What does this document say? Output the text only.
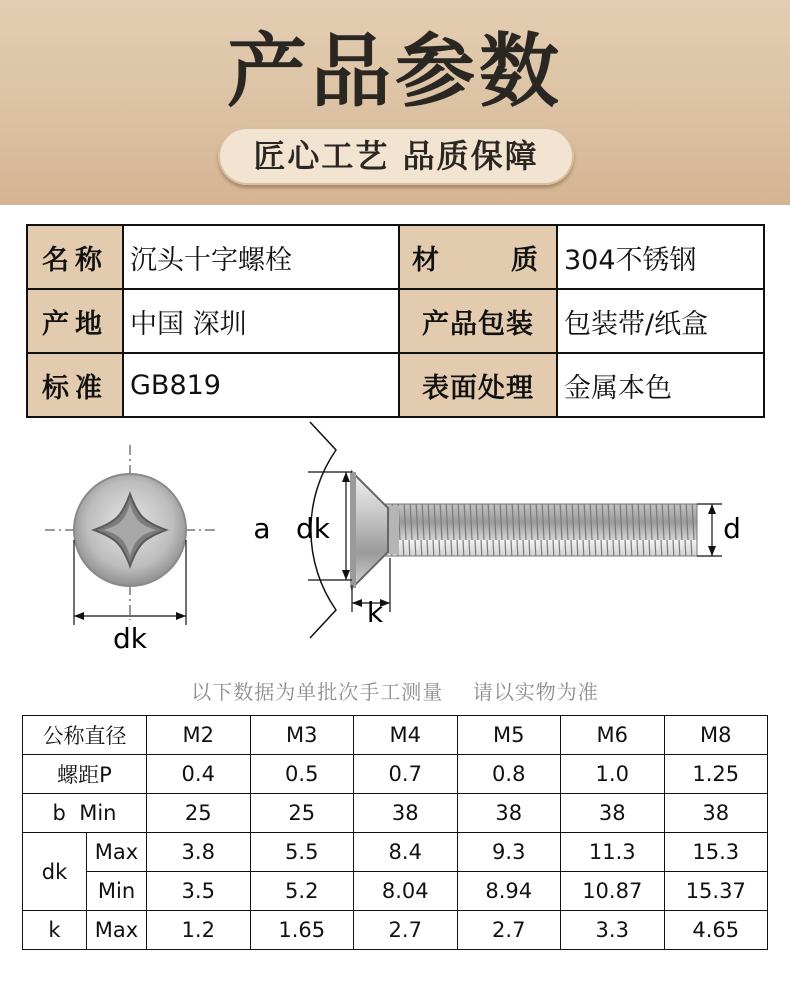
产品参数
匠心工艺 品质保障
名称	沉头十字螺栓	材　　质	304不锈钢
产地	中国 深圳	产品包装	包装带/纸盒
标准	GB819	表面处理	金属本色
dk
a dk
k
d
以下数据为单批次手工测量    请以实物为准
公称直径		M2	M3	M4	M5	M6	M8
螺距P		0.4	0.5	0.7	0.8	1.0	1.25
b  Min		25	25	38	38	38	38
dk	Max	3.8	5.5	8.4	9.3	11.3	15.3
	Min	3.5	5.2	8.04	8.94	10.87	15.37
k	Max	1.2	1.65	2.7	2.7	3.3	4.65
